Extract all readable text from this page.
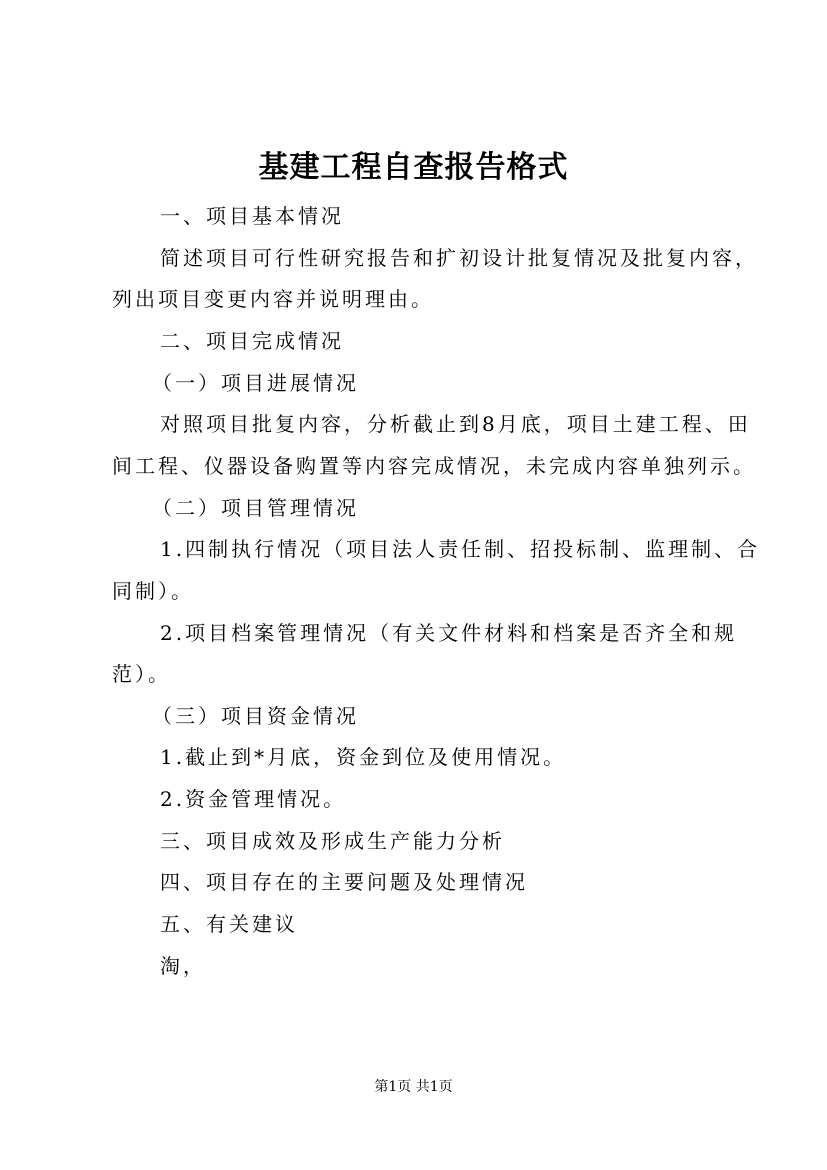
基建工程自查报告格式
一、项目基本情况
简述项目可行性研究报告和扩初设计批复情况及批复内容，
列出项目变更内容并说明理由。
二、项目完成情况
（一）项目进展情况
对照项目批复内容，分析截止到8月底，项目土建工程、田
间工程、仪器设备购置等内容完成情况，未完成内容单独列示。
（二）项目管理情况
1.四制执行情况（项目法人责任制、招投标制、监理制、合
同制）。
2.项目档案管理情况（有关文件材料和档案是否齐全和规
范）。
（三）项目资金情况
1.截止到*月底，资金到位及使用情况。
2.资金管理情况。
三、项目成效及形成生产能力分析
四、项目存在的主要问题及处理情况
五、有关建议
淘，
第1页 共1页
